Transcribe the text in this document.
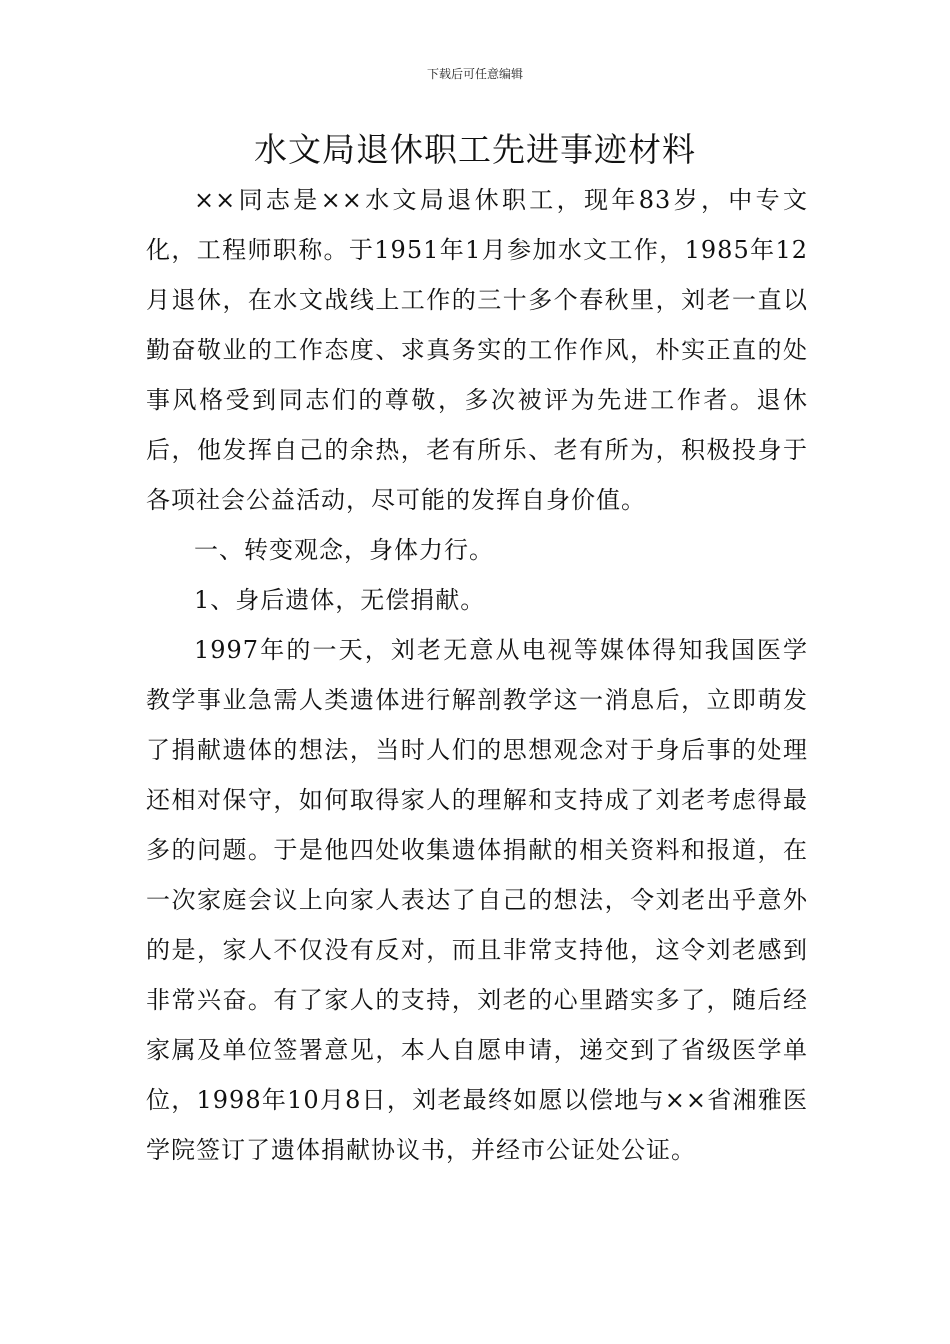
下载后可任意编辑
水文局退休职工先进事迹材料

××同志是××水文局退休职工，现年83岁，中专文化，工程师职称。于1951年1月参加水文工作，1985年12月退休，在水文战线上工作的三十多个春秋里，刘老一直以勤奋敬业的工作态度、求真务实的工作作风，朴实正直的处事风格受到同志们的尊敬，多次被评为先进工作者。退休后，他发挥自己的余热，老有所乐、老有所为，积极投身于各项社会公益活动，尽可能的发挥自身价值。

一、转变观念，身体力行。

1、身后遗体，无偿捐献。

1997年的一天，刘老无意从电视等媒体得知我国医学教学事业急需人类遗体进行解剖教学这一消息后，立即萌发了捐献遗体的想法，当时人们的思想观念对于身后事的处理还相对保守，如何取得家人的理解和支持成了刘老考虑得最多的问题。于是他四处收集遗体捐献的相关资料和报道，在一次家庭会议上向家人表达了自己的想法，令刘老出乎意外的是，家人不仅没有反对，而且非常支持他，这令刘老感到非常兴奋。有了家人的支持，刘老的心里踏实多了，随后经家属及单位签署意见，本人自愿申请，递交到了省级医学单位，1998年10月8日，刘老最终如愿以偿地与××省湘雅医学院签订了遗体捐献协议书，并经市公证处公证。
